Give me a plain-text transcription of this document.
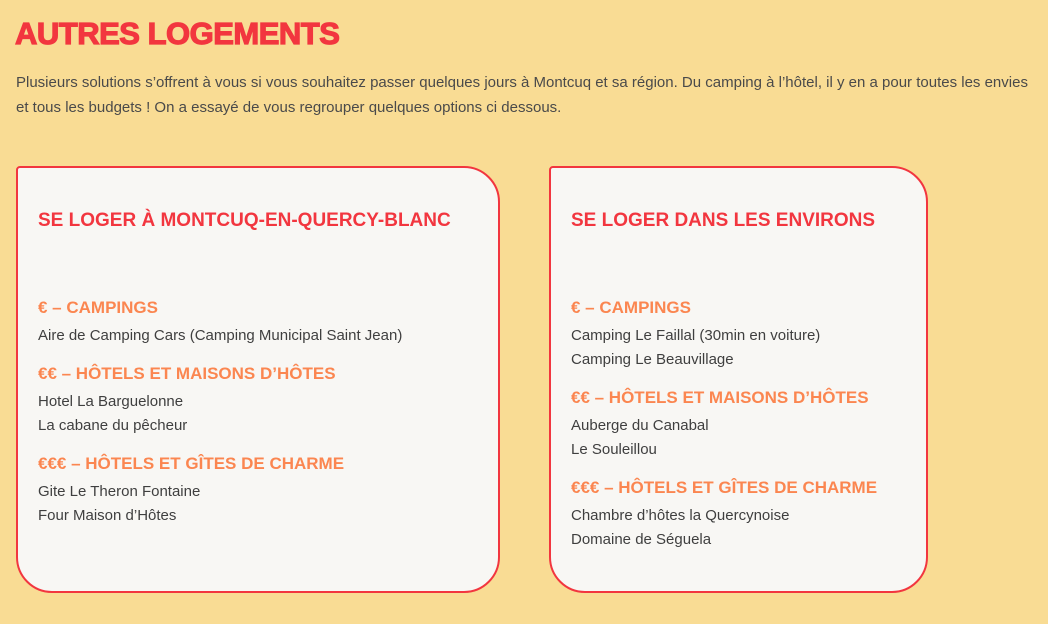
AUTRES LOGEMENTS

Plusieurs solutions s’offrent à vous si vous souhaitez passer quelques jours à Montcuq et sa région. Du camping à l’hôtel, il y en a pour toutes les envies et tous les budgets ! On a essayé de vous regrouper quelques options ci dessous.

SE LOGER À MONTCUQ-EN-QUERCY-BLANC
€ – CAMPINGS
Aire de Camping Cars (Camping Municipal Saint Jean)
€€ – HÔTELS ET MAISONS D’HÔTES
Hotel La Barguelonne
La cabane du pêcheur
€€€ – HÔTELS ET GÎTES DE CHARME
Gite Le Theron Fontaine
Four Maison d’Hôtes
SE LOGER DANS LES ENVIRONS
€ – CAMPINGS
Camping Le Faillal (30min en voiture)
Camping Le Beauvillage
€€ – HÔTELS ET MAISONS D’HÔTES
Auberge du Canabal
Le Souleillou
€€€ – HÔTELS ET GÎTES DE CHARME
Chambre d’hôtes la Quercynoise
Domaine de Séguela
